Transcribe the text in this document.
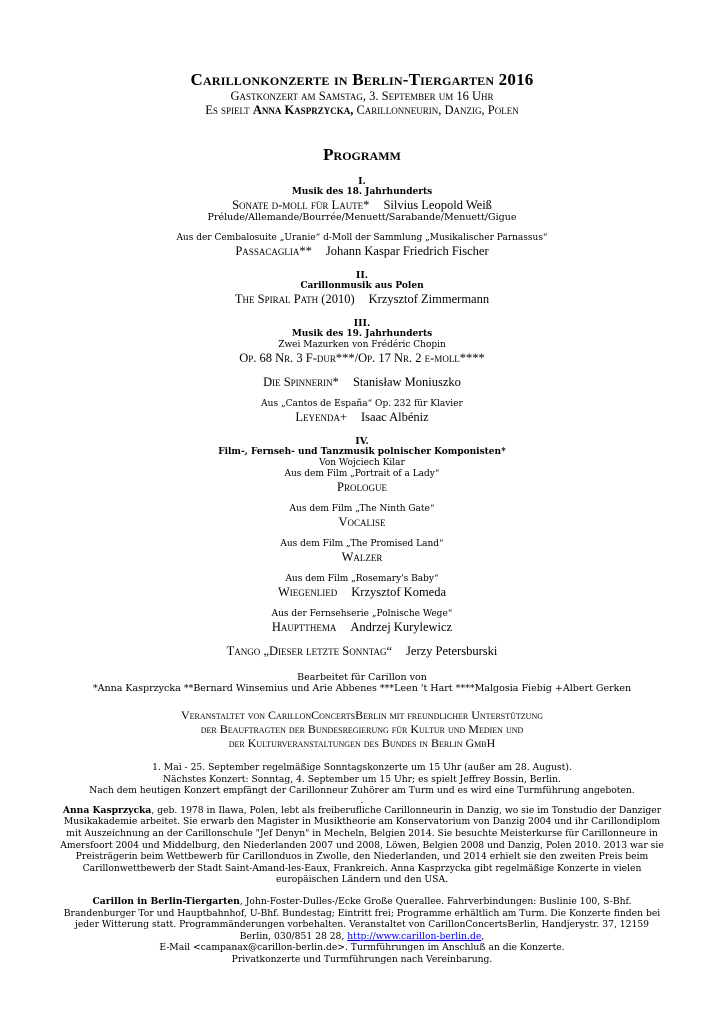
Carillonkonzerte in Berlin-Tiergarten 2016
Gastkonzert am Samstag, 3. September um 16 Uhr
Es spielt Anna Kasprzycka, Carillonneurin, Danzig, Polen
Programm
I.
Musik des 18. Jahrhunderts
Sonate d-moll für Laute* Silvius Leopold Weiß
Prélude/Allemande/Bourrée/Menuett/Sarabande/Menuett/Gigue
Aus der Cembalosuite „Uranie“ d-Moll der Sammlung „Musikalischer Parnassus“
Passacaglia** Johann Kaspar Friedrich Fischer
II.
Carillonmusik aus Polen
The Spiral Path (2010) Krzysztof Zimmermann
III.
Musik des 19. Jahrhunderts
Zwei Mazurken von Frédéric Chopin
Op. 68 Nr. 3 F-dur***/Op. 17 Nr. 2 e-moll****
Die Spinnerin* Stanisław Moniuszko
Aus „Cantos de España“ Op. 232 für Klavier
Leyenda+ Isaac Albéniz
IV.
Film-, Fernseh- und Tanzmusik polnischer Komponisten*
Von Wojciech Kilar
Aus dem Film „Portrait of a Lady“
Prologue
Aus dem Film „The Ninth Gate“
Vocalise
Aus dem Film „The Promised Land“
Walzer
Aus dem Film „Rosemary's Baby“
Wiegenlied Krzysztof Komeda
Aus der Fernsehserie „Polnische Wege“
Hauptthema Andrzej Kurylewicz
Tango „Dieser letzte Sonntag“ Jerzy Petersburski
Bearbeitet für Carillon von
*Anna Kasprzycka **Bernard Winsemius und Arie Abbenes ***Leen 't Hart ****Malgosia Fiebig +Albert Gerken
Veranstaltet von CarillonConcertsBerlin mit freundlicher Unterstützung
der Beauftragten der Bundesregierung für Kultur und Medien und
der Kulturveranstaltungen des Bundes in Berlin GmbH
1. Mai - 25. September regelmäßige Sonntagskonzerte um 15 Uhr (außer am 28. August).
Nächstes Konzert: Sonntag, 4. September um 15 Uhr; es spielt Jeffrey Bossin, Berlin.
Nach dem heutigen Konzert empfängt der Carillonneur Zuhörer am Turm und es wird eine Turmführung angeboten.
.
Anna Kasprzycka, geb. 1978 in Ilawa, Polen, lebt als freiberufliche Carillonneurin in Danzig, wo sie im Tonstudio der Danziger Musikakademie arbeitet. Sie erwarb den Magister in Musiktheorie am Konservatorium von Danzig 2004 und ihr Carillondiplom mit Auszeichnung an der Carillonschule "Jef Denyn" in Mecheln, Belgien 2014. Sie besuchte Meisterkurse für Carillonneure in Amersfoort 2004 und Middelburg, den Niederlanden 2007 und 2008, Löwen, Belgien 2008 und Danzig, Polen 2010. 2013 war sie Preisträgerin beim Wettbewerb für Carillonduos in Zwolle, den Niederlanden, und 2014 erhielt sie den zweiten Preis beim Carillonwettbewerb der Stadt Saint-Amand-les-Eaux, Frankreich. Anna Kasprzycka gibt regelmäßige Konzerte in vielen europäischen Ländern und den USA.
Carillon in Berlin-Tiergarten, John-Foster-Dulles-/Ecke Große Querallee. Fahrverbindungen: Buslinie 100, S-Bhf. Brandenburger Tor und Hauptbahnhof, U-Bhf. Bundestag; Eintritt frei; Programme erhältlich am Turm. Die Konzerte finden bei jeder Witterung statt. Programmänderungen vorbehalten. Veranstaltet von CarillonConcertsBerlin, Handjerystr. 37, 12159 Berlin, 030/851 28 28, http://www.carillon-berlin.de,
E-Mail <campanax@carillon-berlin.de>. Turmführungen im Anschluß an die Konzerte.
Privatkonzerte und Turmführungen nach Vereinbarung.
